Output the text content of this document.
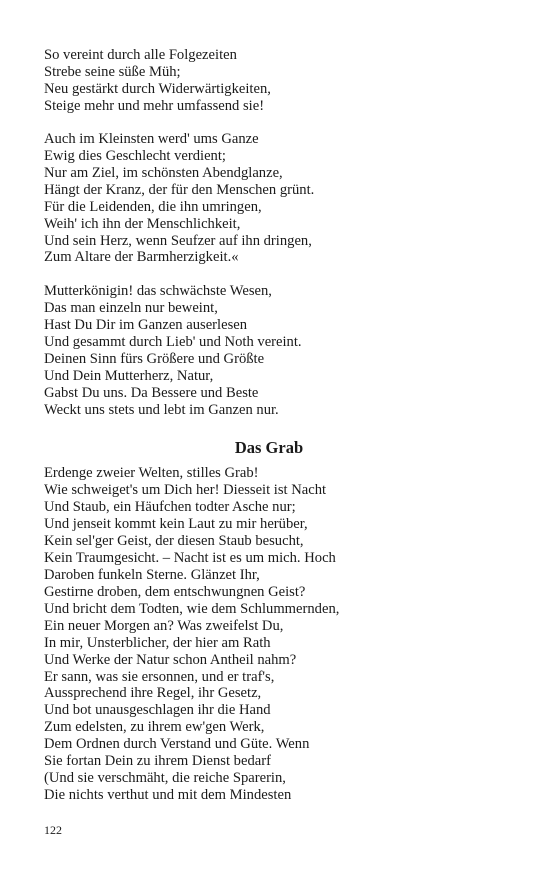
So vereint durch alle Folgezeiten
Strebe seine süße Müh;
Neu gestärkt durch Widerwärtigkeiten,
Steige mehr und mehr umfassend sie!
Auch im Kleinsten werd' ums Ganze
Ewig dies Geschlecht verdient;
Nur am Ziel, im schönsten Abendglanze,
Hängt der Kranz, der für den Menschen grünt.
Für die Leidenden, die ihn umringen,
Weih' ich ihn der Menschlichkeit,
Und sein Herz, wenn Seufzer auf ihn dringen,
Zum Altare der Barmherzigkeit.«
Mutterkönigin! das schwächste Wesen,
Das man einzeln nur beweint,
Hast Du Dir im Ganzen auserlesen
Und gesammt durch Lieb' und Noth vereint.
Deinen Sinn fürs Größere und Größte
Und Dein Mutterherz, Natur,
Gabst Du uns. Da Bessere und Beste
Weckt uns stets und lebt im Ganzen nur.
Das Grab
Erdenge zweier Welten, stilles Grab!
Wie schweiget's um Dich her! Diesseit ist Nacht
Und Staub, ein Häufchen todter Asche nur;
Und jenseit kommt kein Laut zu mir herüber,
Kein sel'ger Geist, der diesen Staub besucht,
Kein Traumgesicht. – Nacht ist es um mich. Hoch
Daroben funkeln Sterne. Glänzet Ihr,
Gestirne droben, dem entschwungnen Geist?
Und bricht dem Todten, wie dem Schlummernden,
Ein neuer Morgen an? Was zweifelst Du,
In mir, Unsterblicher, der hier am Rath
Und Werke der Natur schon Antheil nahm?
Er sann, was sie ersonnen, und er traf's,
Aussprechend ihre Regel, ihr Gesetz,
Und bot unausgeschlagen ihr die Hand
Zum edelsten, zu ihrem ew'gen Werk,
Dem Ordnen durch Verstand und Güte. Wenn
Sie fortan Dein zu ihrem Dienst bedarf
(Und sie verschmäht, die reiche Sparerin,
Die nichts verthut und mit dem Mindesten
122
